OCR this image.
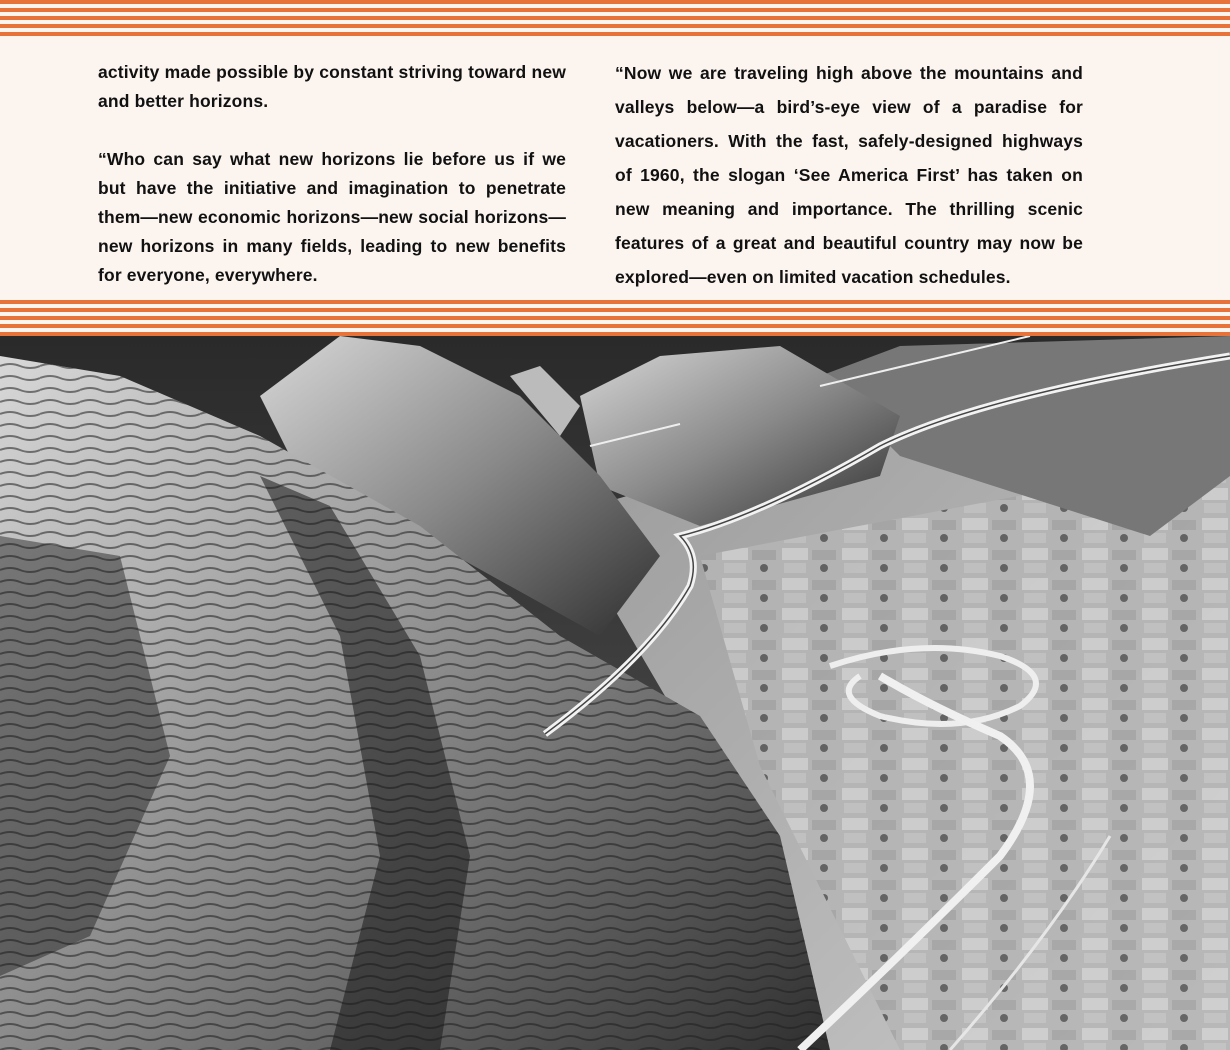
activity made possible by constant striving toward new and better horizons.

“Who can say what new horizons lie before us if we but have the initiative and imagination to penetrate them—new economic horizons—new social horizons—new horizons in many fields, leading to new benefits for everyone, everywhere.

“Now we are traveling high above the mountains and valleys below—a bird’s-eye view of a paradise for vacationers. With the fast, safely-designed highways of 1960, the slogan ‘See America First’ has taken on new meaning and importance. The thrilling scenic features of a great and beautiful country may now be explored—even on limited vacation schedules.
